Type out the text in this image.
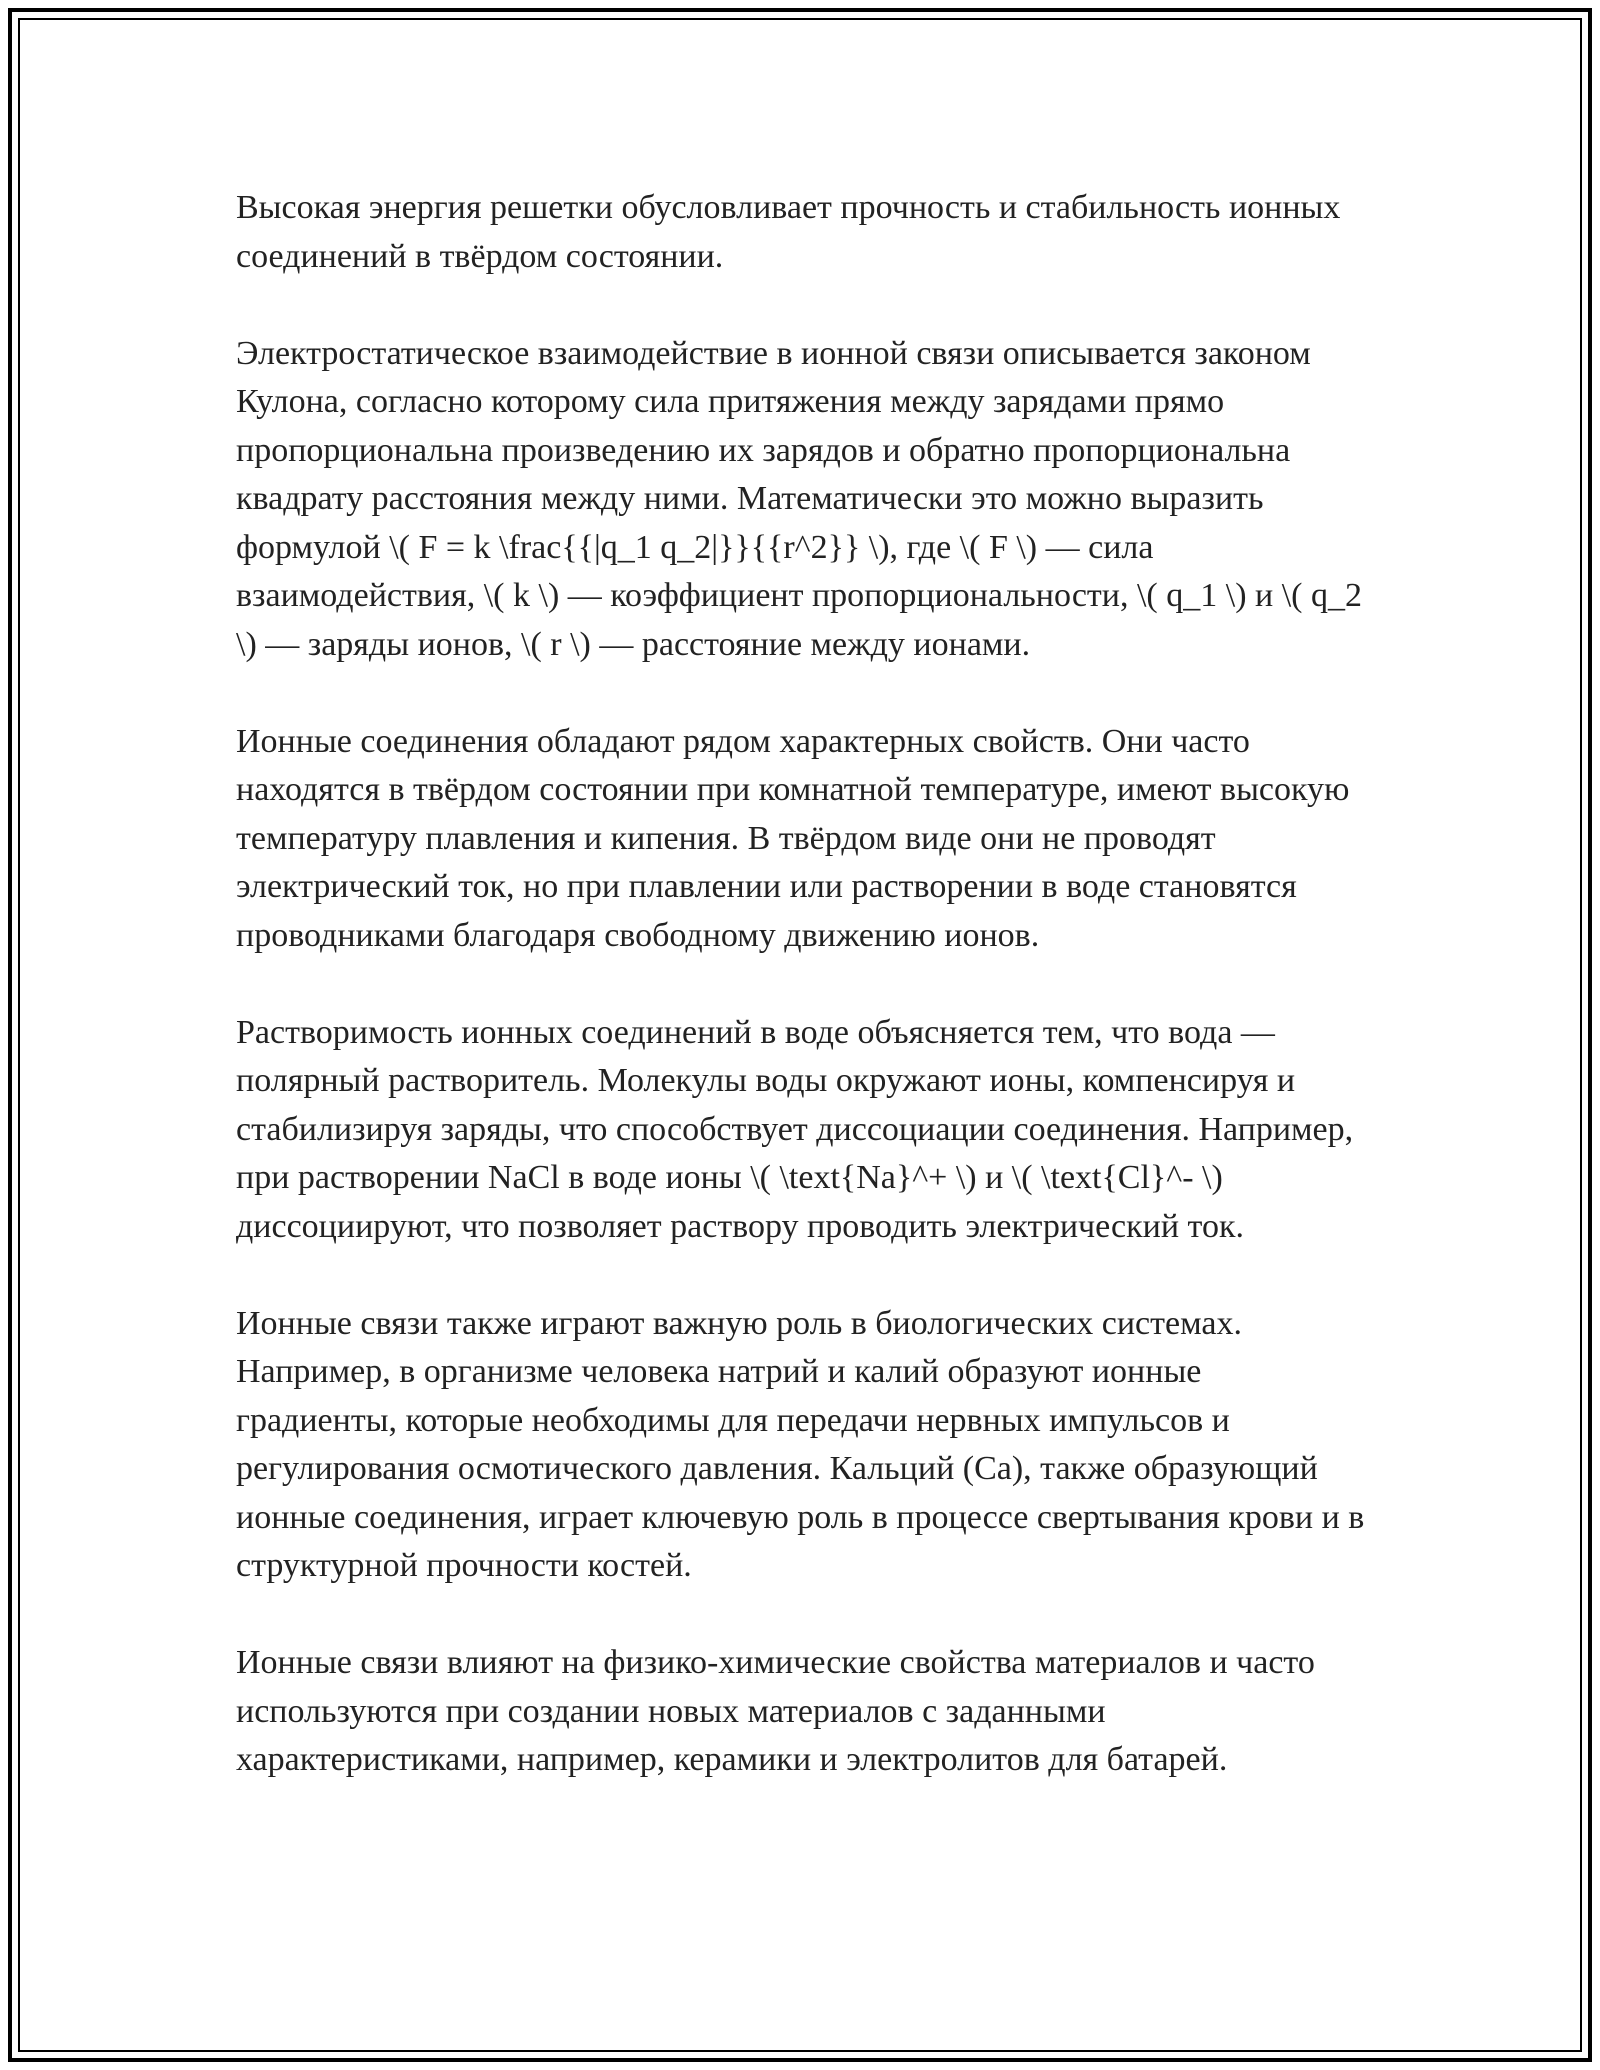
Высокая энергия решетки обусловливает прочность и стабильность ионных соединений в твёрдом состоянии.

Электростатическое взаимодействие в ионной связи описывается законом Кулона, согласно которому сила притяжения между зарядами прямо пропорциональна произведению их зарядов и обратно пропорциональна квадрату расстояния между ними. Математически это можно выразить формулой \( F = k \frac{{|q_1 q_2|}}{{r^2}} \), где \( F \) — сила взаимодействия, \( k \) — коэффициент пропорциональности, \( q_1 \) и \( q_2 \) — заряды ионов, \( r \) — расстояние между ионами.

Ионные соединения обладают рядом характерных свойств. Они часто находятся в твёрдом состоянии при комнатной температуре, имеют высокую температуру плавления и кипения. В твёрдом виде они не проводят электрический ток, но при плавлении или растворении в воде становятся проводниками благодаря свободному движению ионов.

Растворимость ионных соединений в воде объясняется тем, что вода — полярный растворитель. Молекулы воды окружают ионы, компенсируя и стабилизируя заряды, что способствует диссоциации соединения. Например, при растворении NaCl в воде ионы \( \text{Na}^+ \) и \( \text{Cl}^- \) диссоциируют, что позволяет раствору проводить электрический ток.

Ионные связи также играют важную роль в биологических системах. Например, в организме человека натрий и калий образуют ионные градиенты, которые необходимы для передачи нервных импульсов и регулирования осмотического давления. Кальций (Ca), также образующий ионные соединения, играет ключевую роль в процессе свертывания крови и в структурной прочности костей.

Ионные связи влияют на физико-химические свойства материалов и часто используются при создании новых материалов с заданными характеристиками, например, керамики и электролитов для батарей.
